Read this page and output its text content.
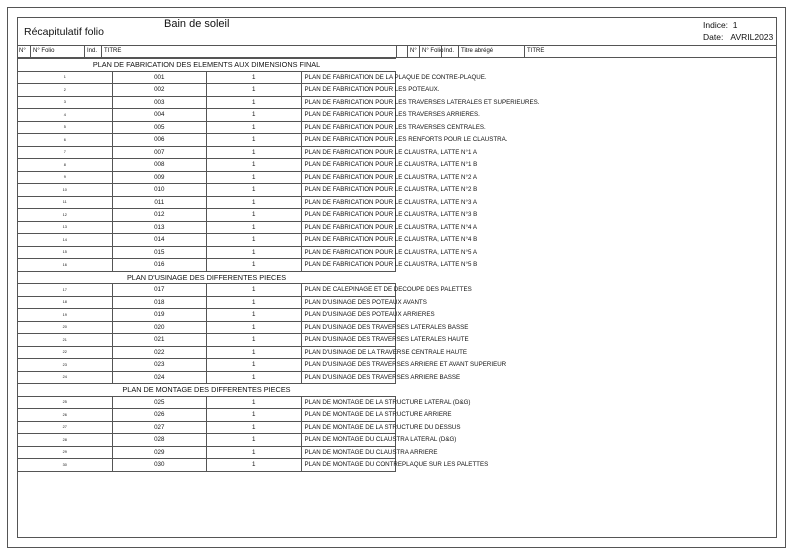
Récapitulatif folio
Bain de soleil	Indice: 1
Date: AVRIL2023
N°	N° Folio	Ind.	TITRE	N° N° Folio Ind.	Titre abrégé	TITRE
PLAN DE FABRICATION DES ELEMENTS AUX DIMENSIONS FINAL			
1	001	1	PLAN DE FABRICATION DE LA PLAQUE DE CONTRE-PLAQUE.
2	002	1	PLAN DE FABRICATION POUR LES POTEAUX.
3	003	1	PLAN DE FABRICATION POUR LES TRAVERSES LATERALES ET SUPERIEURES.
4	004	1	PLAN DE FABRICATION POUR LES TRAVERSES ARRIERES.
5	005	1	PLAN DE FABRICATION POUR LES TRAVERSES CENTRALES.
6	006	1	PLAN DE FABRICATION POUR LES RENFORTS POUR LE CLAUSTRA.
7	007	1	PLAN DE FABRICATION POUR LE CLAUSTRA, LATTE N°1 A
8	008	1	PLAN DE FABRICATION POUR LE CLAUSTRA, LATTE N°1 B
9	009	1	PLAN DE FABRICATION POUR LE CLAUSTRA, LATTE N°2 A
10	010	1	PLAN DE FABRICATION POUR LE CLAUSTRA, LATTE N°2 B
11	011	1	PLAN DE FABRICATION POUR LE CLAUSTRA, LATTE N°3 A
12	012	1	PLAN DE FABRICATION POUR LE CLAUSTRA, LATTE N°3 B
13	013	1	PLAN DE FABRICATION POUR LE CLAUSTRA, LATTE N°4 A
14	014	1	PLAN DE FABRICATION POUR LE CLAUSTRA, LATTE N°4 B
15	015	1	PLAN DE FABRICATION POUR LE CLAUSTRA, LATTE N°5 A
16	016	1	PLAN DE FABRICATION POUR LE CLAUSTRA, LATTE N°5 B
PLAN D'USINAGE DES DIFFERENTES PIECES			
17	017	1	PLAN DE CALEPINAGE ET DE DECOUPE DES PALETTES
18	018	1	PLAN D'USINAGE DES POTEAUX AVANTS
19	019	1	PLAN D'USINAGE DES POTEAUX ARRIERES
20	020	1	PLAN D'USINAGE DES TRAVERSES LATERALES BASSE
21	021	1	PLAN D'USINAGE DES TRAVERSES LATERALES HAUTE
22	022	1	PLAN D'USINAGE DE LA TRAVERSE CENTRALE HAUTE
23	023	1	PLAN D'USINAGE DES TRAVERSES ARRIERE ET AVANT SUPERIEUR
24	024	1	PLAN D'USINAGE DES TRAVERSES ARRIERE BASSE
PLAN DE MONTAGE DES DIFFERENTES PIECES			
25	025	1	PLAN DE MONTAGE DE LA STRUCTURE LATERAL (D&G)
26	026	1	PLAN DE MONTAGE DE LA STRUCTURE ARRIERE
27	027	1	PLAN DE MONTAGE DE LA STRUCTURE DU DESSUS
28	028	1	PLAN DE MONTAGE DU CLAUSTRA LATERAL (D&G)
29	029	1	PLAN DE MONTAGE DU CLAUSTRA ARRIERE
30	030	1	PLAN DE MONTAGE DU CONTREPLAQUE SUR LES PALETTES
